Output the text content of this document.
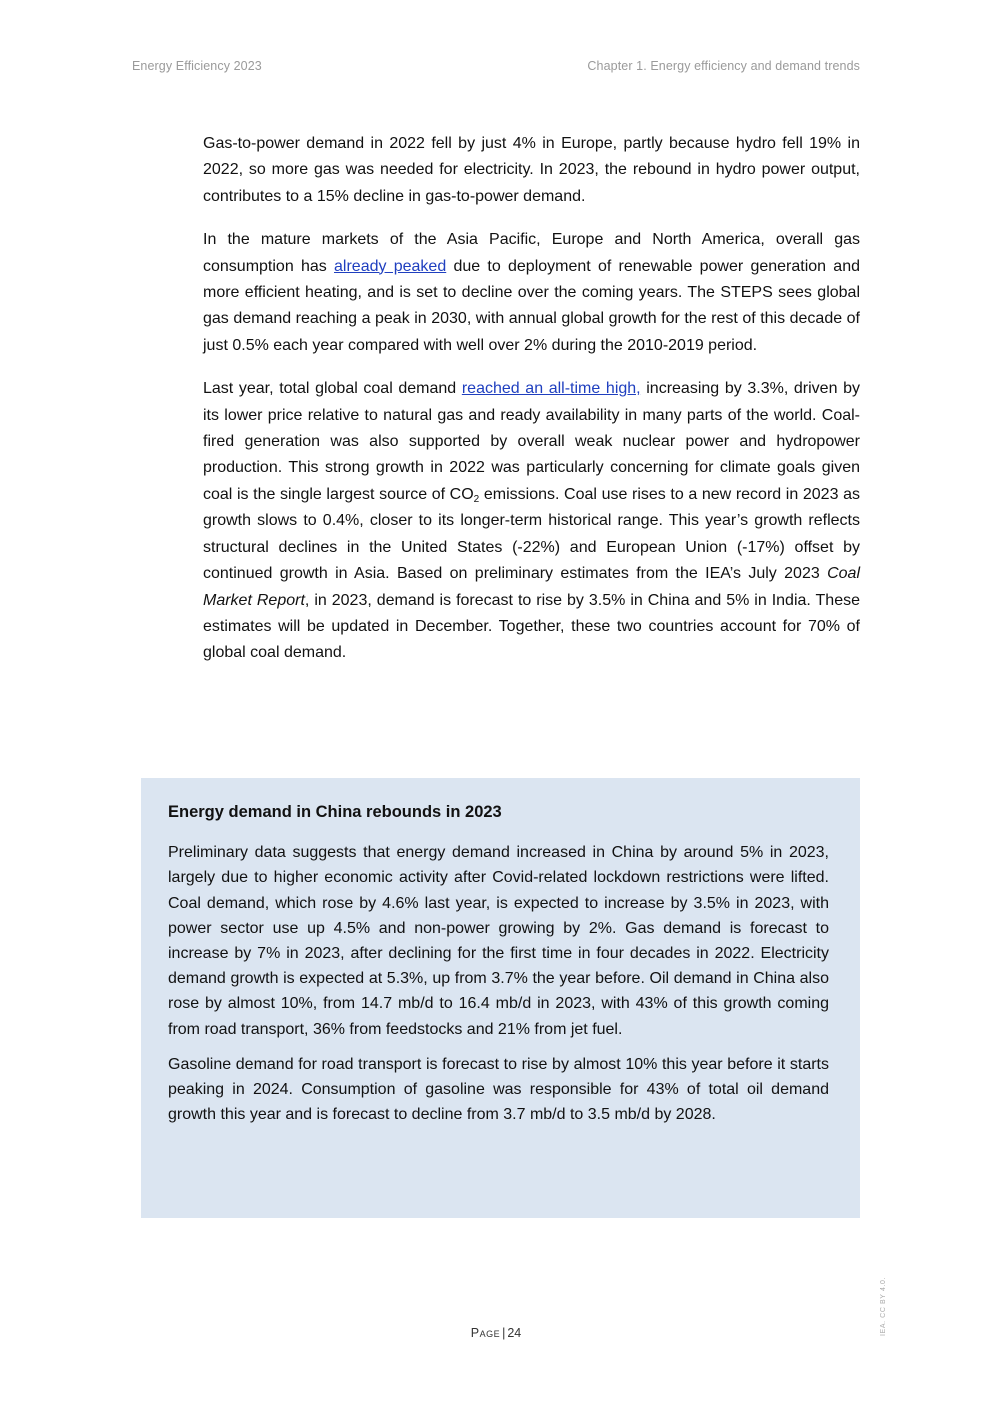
Energy Efficiency 2023	Chapter 1. Energy efficiency and demand trends

Gas-to-power demand in 2022 fell by just 4% in Europe, partly because hydro fell 19% in 2022, so more gas was needed for electricity. In 2023, the rebound in hydro power output, contributes to a 15% decline in gas-to-power demand.

In the mature markets of the Asia Pacific, Europe and North America, overall gas consumption has already peaked due to deployment of renewable power generation and more efficient heating, and is set to decline over the coming years. The STEPS sees global gas demand reaching a peak in 2030, with annual global growth for the rest of this decade of just 0.5% each year compared with well over 2% during the 2010-2019 period.

Last year, total global coal demand reached an all-time high, increasing by 3.3%, driven by its lower price relative to natural gas and ready availability in many parts of the world. Coal-fired generation was also supported by overall weak nuclear power and hydropower production. This strong growth in 2022 was particularly concerning for climate goals given coal is the single largest source of $CO_2$ emissions. Coal use rises to a new record in 2023 as growth slows to 0.4%, closer to its longer-term historical range. This year’s growth reflects structural declines in the United States (-22%) and European Union (-17%) offset by continued growth in Asia. Based on preliminary estimates from the IEA’s July 2023 Coal Market Report, in 2023, demand is forecast to rise by 3.5% in China and 5% in India. These estimates will be updated in December. Together, these two countries account for 70% of global coal demand.

Energy demand in China rebounds in 2023

Preliminary data suggests that energy demand increased in China by around 5% in 2023, largely due to higher economic activity after Covid-related lockdown restrictions were lifted. Coal demand, which rose by 4.6% last year, is expected to increase by 3.5% in 2023, with power sector use up 4.5% and non-power growing by 2%. Gas demand is forecast to increase by 7% in 2023, after declining for the first time in four decades in 2022. Electricity demand growth is expected at 5.3%, up from 3.7% the year before. Oil demand in China also rose by almost 10%, from 14.7 mb/d to 16.4 mb/d in 2023, with 43% of this growth coming from road transport, 36% from feedstocks and 21% from jet fuel.

Gasoline demand for road transport is forecast to rise by almost 10% this year before it starts peaking in 2024. Consumption of gasoline was responsible for 43% of total oil demand growth this year and is forecast to decline from 3.7 mb/d to 3.5 mb/d by 2028.

Page | 24	IEA. CC BY 4.0.
